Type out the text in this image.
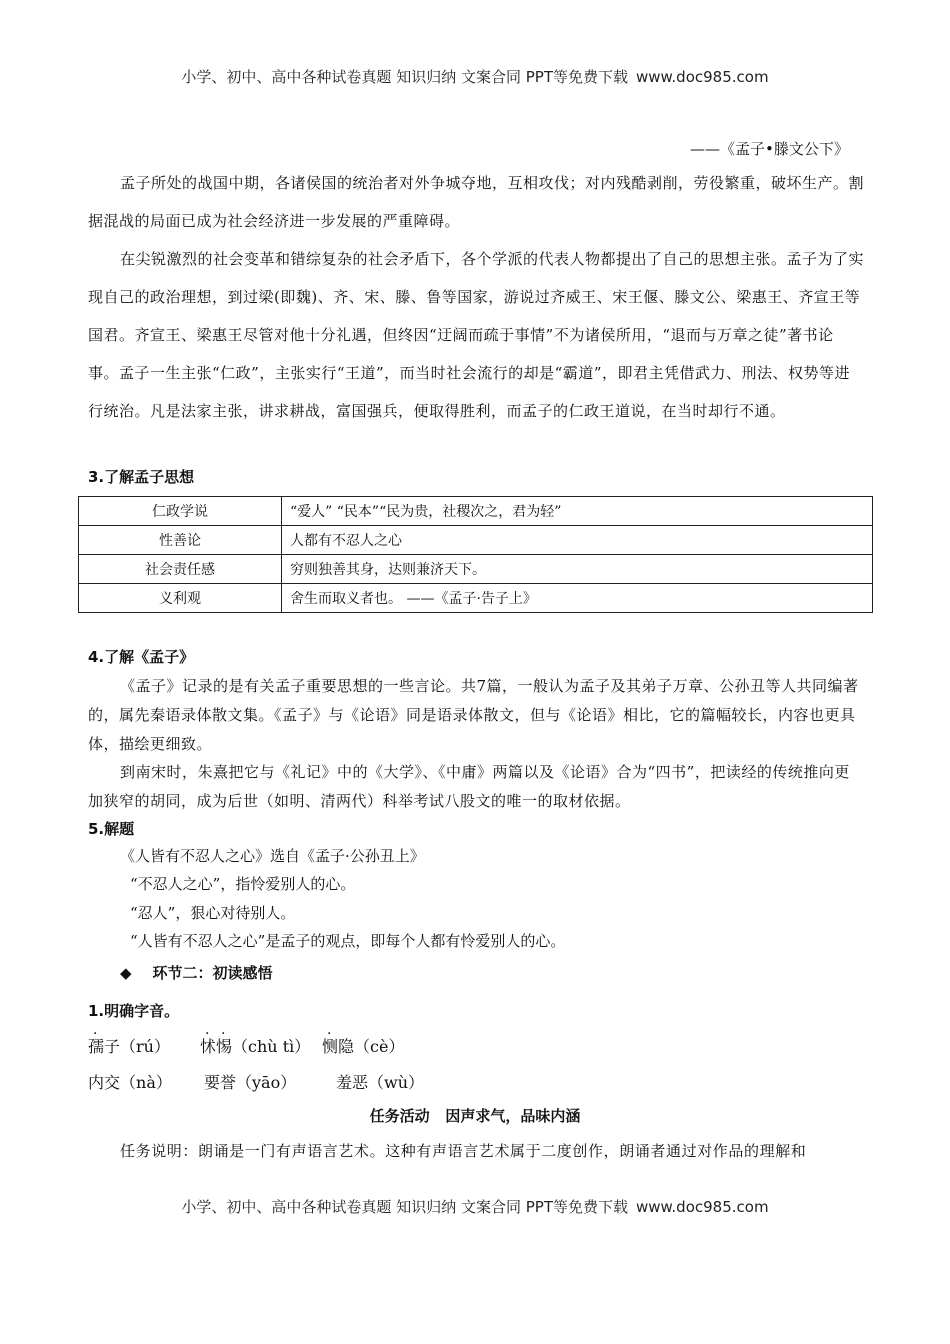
小学、初中、高中各种试卷真题 知识归纳 文案合同 PPT等免费下载 www.doc985.com
——《孟子•滕文公下》
孟子所处的战国中期，各诸侯国的统治者对外争城夺地，互相攻伐；对内残酷剥削，劳役繁重，破坏生产。割据混战的局面已成为社会经济进一步发展的严重障碍。
在尖锐激烈的社会变革和错综复杂的社会矛盾下，各个学派的代表人物都提出了自己的思想主张。孟子为了实现自己的政治理想，到过梁(即魏)、齐、宋、滕、鲁等国家，游说过齐威王、宋王偃、滕文公、梁惠王、齐宣王等国君。齐宣王、梁惠王尽管对他十分礼遇，但终因“迂阔而疏于事情”不为诸侯所用，“退而与万章之徒”著书论事。孟子一生主张“仁政”，主张实行“王道”，而当时社会流行的却是“霸道”，即君主凭借武力、刑法、权势等进行统治。凡是法家主张，讲求耕战，富国强兵，便取得胜利，而孟子的仁政王道说，在当时却行不通。
3.了解孟子思想
仁政学说	“爱人” “民本”“民为贵，社稷次之，君为轻”
性善论	人都有不忍人之心
社会责任感	穷则独善其身，达则兼济天下。
义利观	舍生而取义者也。 ——《孟子·告子上》
4.了解《孟子》
《孟子》记录的是有关孟子重要思想的一些言论。共7篇，一般认为孟子及其弟子万章、公孙丑等人共同编著的，属先秦语录体散文集。《孟子》与《论语》同是语录体散文，但与《论语》相比，它的篇幅较长，内容也更具体，描绘更细致。
到南宋时，朱熹把它与《礼记》中的《大学》、《中庸》两篇以及《论语》合为“四书”，把读经的传统推向更加狭窄的胡同，成为后世（如明、清两代）科举考试八股文的唯一的取材依据。
5.解题
《人皆有不忍人之心》选自《孟子·公孙丑上》
“不忍人之心”，指怜爱别人的心。
“忍人”，狠心对待别人。
“人皆有不忍人之心”是孟子的观点，即每个人都有怜爱别人的心。
◆ 环节二：初读感悟
1.明确字音。
孺子（rú） 怵惕（chù tì） 恻隐（cè）
内交（nà） 要誉（yāo） 羞恶（wù）
任务活动   因声求气，品味内涵
任务说明：朗诵是一门有声语言艺术。这种有声语言艺术属于二度创作，朗诵者通过对作品的理解和
小学、初中、高中各种试卷真题 知识归纳 文案合同 PPT等免费下载 www.doc985.com
